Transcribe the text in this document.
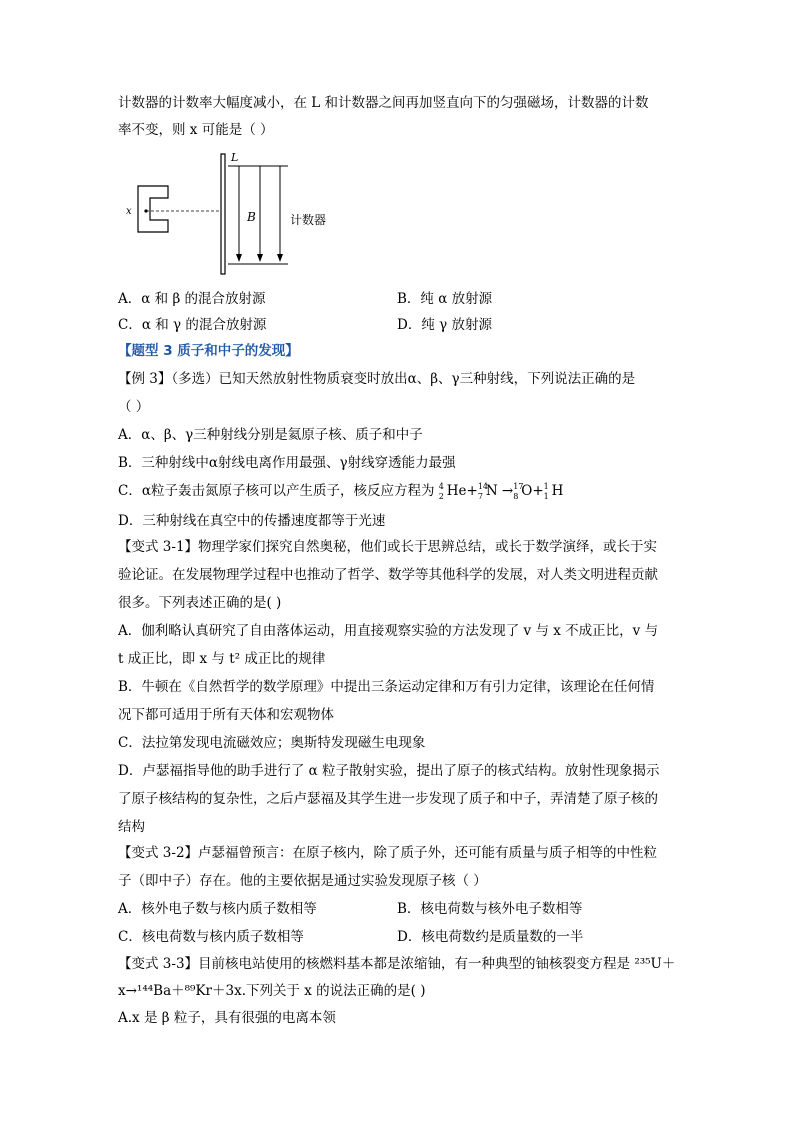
计数器的计数率大幅度减小，在 L 和计数器之间再加竖直向下的匀强磁场，计数器的计数
率不变，则 x 可能是（ ）
x
L
B	计数器
A．α 和 β 的混合放射源	B．纯 α 放射源
C．α 和 γ 的混合放射源	D．纯 γ 放射源
【题型 3 质子和中子的发现】
【例 3】（多选）已知天然放射性物质衰变时放出α、β、γ三种射线，下列说法正确的是
（ ）
A．α、β、γ三种射线分别是氦原子核、质子和中子
B．三种射线中α射线电离作用最强、γ射线穿透能力最强
C．α粒子轰击氮原子核可以产生质子，核反应方程为 4
2 He+ 14
7 N → 17
8 O+ 1
1 H
D．三种射线在真空中的传播速度都等于光速
【变式 3-1】物理学家们探究自然奥秘，他们或长于思辨总结，或长于数学演绎，或长于实
验论证。在发展物理学过程中也推动了哲学、数学等其他科学的发展，对人类文明进程贡献
很多。下列表述正确的是( )
A．伽利略认真研究了自由落体运动，用直接观察实验的方法发现了 v 与 x 不成正比，v 与
t 成正比，即 x 与 t² 成正比的规律
B．牛顿在《自然哲学的数学原理》中提出三条运动定律和万有引力定律，该理论在任何情
况下都可适用于所有天体和宏观物体
C．法拉第发现电流磁效应；奥斯特发现磁生电现象
D．卢瑟福指导他的助手进行了 α 粒子散射实验，提出了原子的核式结构。放射性现象揭示
了原子核结构的复杂性，之后卢瑟福及其学生进一步发现了质子和中子，弄清楚了原子核的
结构
【变式 3-2】卢瑟福曾预言：在原子核内，除了质子外，还可能有质量与质子相等的中性粒
子（即中子）存在。他的主要依据是通过实验发现原子核（ ）
A．核外电子数与核内质子数相等	B．核电荷数与核外电子数相等
C．核电荷数与核内质子数相等	D．核电荷数约是质量数的一半
【变式 3-3】目前核电站使用的核燃料基本都是浓缩铀，有一种典型的铀核裂变方程是 ²³⁵U＋
x→¹⁴⁴Ba＋⁸⁹Kr＋3x.下列关于 x 的说法正确的是( )
A.x 是 β 粒子，具有很强的电离本领
